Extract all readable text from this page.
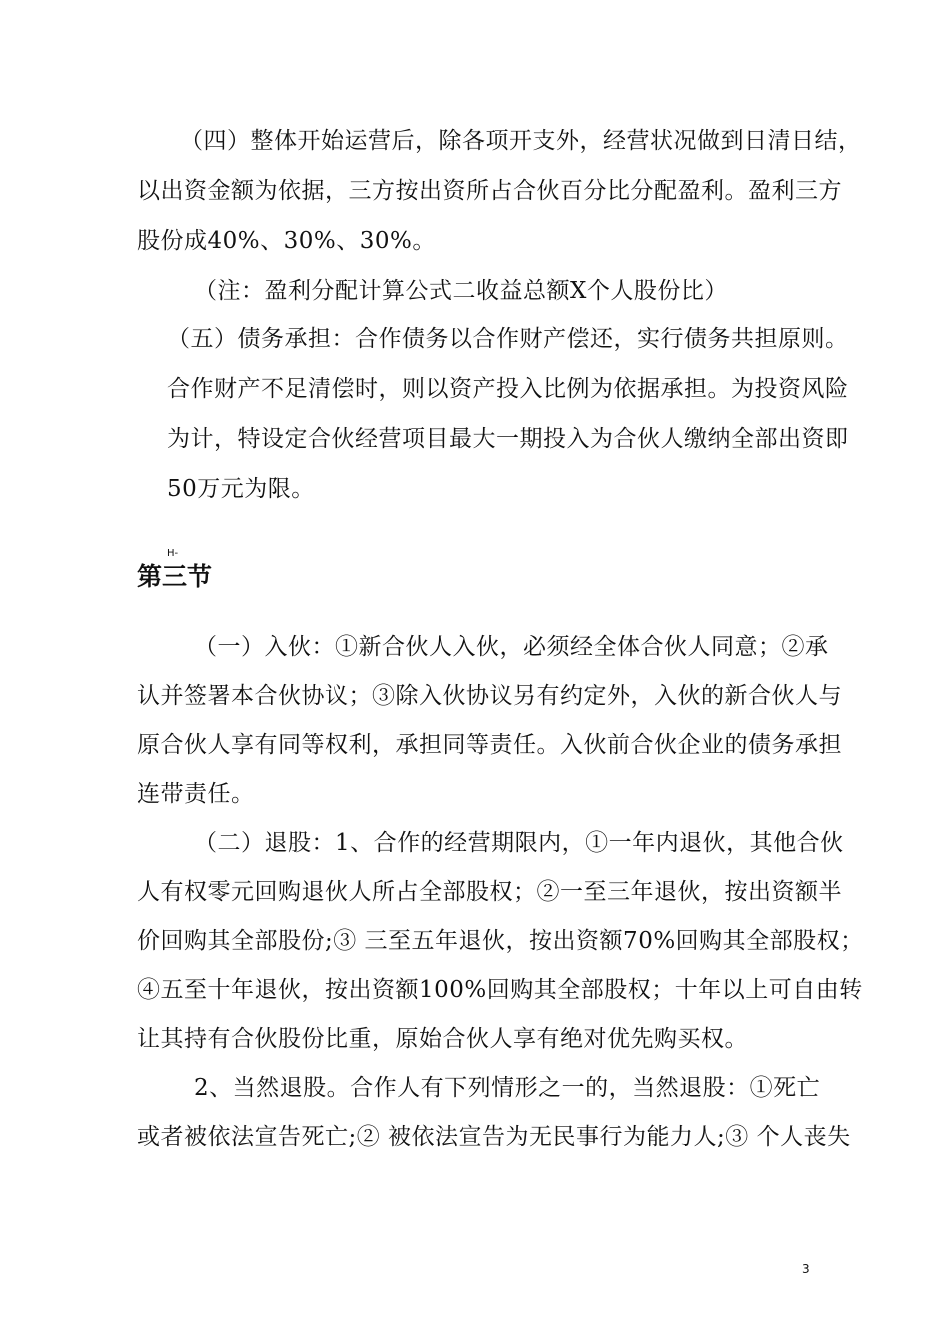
（四）整体开始运营后，除各项开支外，经营状况做到日清日结，
以出资金额为依据，三方按出资所占合伙百分比分配盈利。盈利三方
股份成40%、30%、30%。
（注：盈利分配计算公式二收益总额X个人股份比）
（五）债务承担：合作债务以合作财产偿还，实行债务共担原则。
合作财产不足清偿时，则以资产投入比例为依据承担。为投资风险
为计，特设定合伙经营项目最大一期投入为合伙人缴纳全部出资即
50万元为限。
H-
第三节
（一）入伙：①新合伙人入伙，必须经全体合伙人同意；②承
认并签署本合伙协议；③除入伙协议另有约定外，入伙的新合伙人与
原合伙人享有同等权利，承担同等责任。入伙前合伙企业的债务承担
连带责任。
（二）退股：1、合作的经营期限内，①一年内退伙，其他合伙
人有权零元回购退伙人所占全部股权；②一至三年退伙，按出资额半
价回购其全部股份;③ 三至五年退伙，按出资额70%回购其全部股权；
④五至十年退伙，按出资额100%回购其全部股权；十年以上可自由转
让其持有合伙股份比重，原始合伙人享有绝对优先购买权。
2、当然退股。合作人有下列情形之一的，当然退股：①死亡
或者被依法宣告死亡;② 被依法宣告为无民事行为能力人;③ 个人丧失
3
